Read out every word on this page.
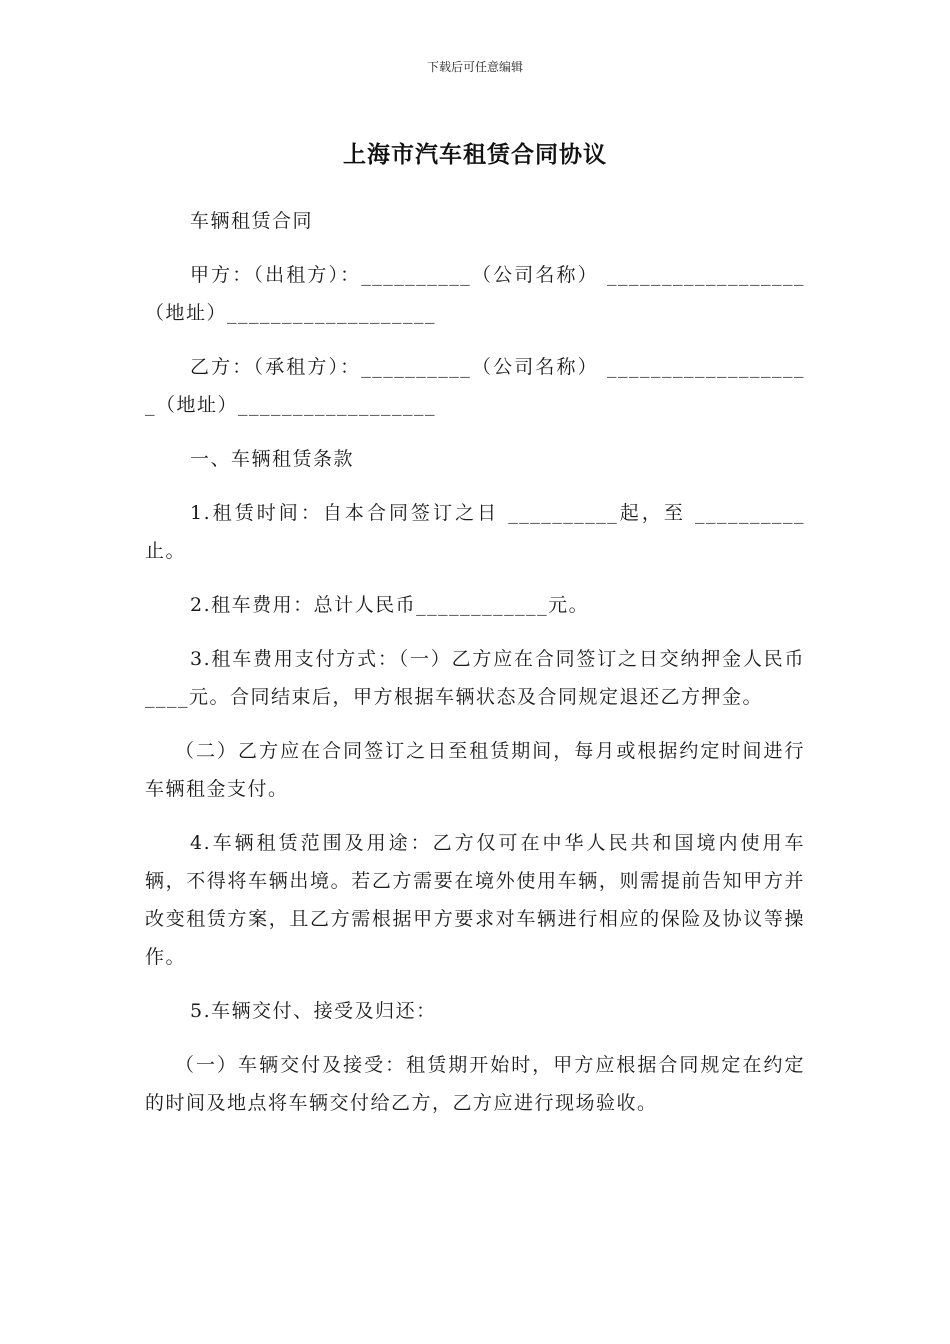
下载后可任意编辑
上海市汽车租赁合同协议

车辆租赁合同

甲方：（出租方）：__________（公司名称） __________________（地址）___________________

乙方：（承租方）：__________（公司名称） ___________________（地址）__________________

一、车辆租赁条款

1.租赁时间：自本合同签订之日 __________起，至 __________止。

2.租车费用：总计人民币____________元。

3.租车费用支付方式：（一）乙方应在合同签订之日交纳押金人民币____元。合同结束后，甲方根据车辆状态及合同规定退还乙方押金。

（二）乙方应在合同签订之日至租赁期间，每月或根据约定时间进行车辆租金支付。

4.车辆租赁范围及用途：乙方仅可在中华人民共和国境内使用车辆，不得将车辆出境。若乙方需要在境外使用车辆，则需提前告知甲方并改变租赁方案，且乙方需根据甲方要求对车辆进行相应的保险及协议等操作。

5.车辆交付、接受及归还：

（一）车辆交付及接受：租赁期开始时，甲方应根据合同规定在约定的时间及地点将车辆交付给乙方，乙方应进行现场验收。
